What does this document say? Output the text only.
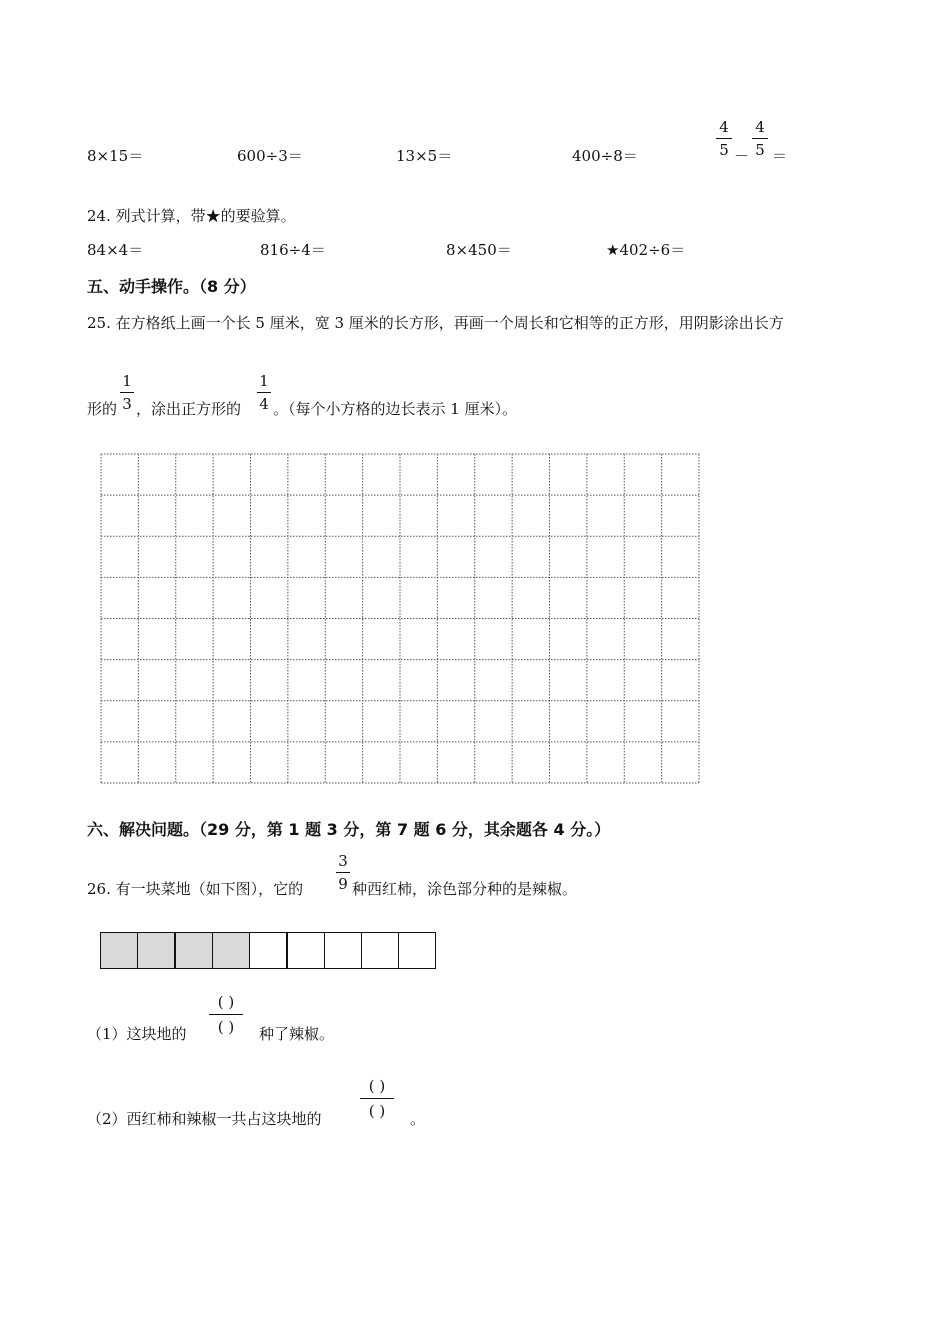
8×15＝	600÷3＝	13×5＝	400÷8＝
4
5 －
4
5 ＝
24. 列式计算，带★的要验算。
84×4＝	816÷4＝	8×450＝	★402÷6＝
五、动手操作。（8 分）
25. 在方格纸上画一个长 5 厘米，宽 3 厘米的长方形，再画一个周长和它相等的正方形，用阴影涂出长方
形的
1
3 ，涂出正方形的
1
4 。（每个小方格的边长表示 1 厘米）。
六、解决问题。（29 分，第 1 题 3 分，第 7 题 6 分，其余题各 4 分。）
26. 有一块菜地（如下图），它的
3
9 种西红柿，涂色部分种的是辣椒。
（1）这块地的
( )
( )	种了辣椒。
（2）西红柿和辣椒一共占这块地的
( )
( )	。
